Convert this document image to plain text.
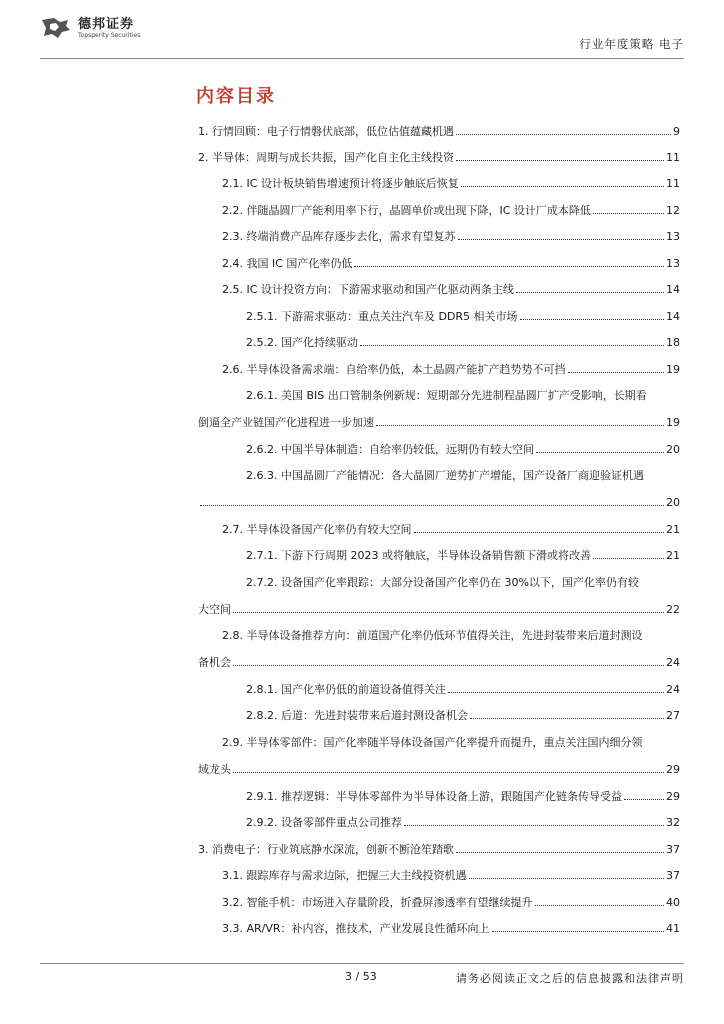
德邦证券
Topsperity Securities
行业年度策略 电子
内容目录
1. 行情回顾：电子行情磐伏底部，低位估值蕴藏机遇	9
2. 半导体：周期与成长共振，国产化自主化主线投资	11
2.1. IC 设计板块销售增速预计将逐步触底后恢复	11
2.2. 伴随晶圆厂产能利用率下行，晶圆单价或出现下降，IC 设计厂成本降低	12
2.3. 终端消费产品库存逐步去化，需求有望复苏	13
2.4. 我国 IC 国产化率仍低	13
2.5. IC 设计投资方向：下游需求驱动和国产化驱动两条主线	14
2.5.1. 下游需求驱动：重点关注汽车及 DDR5 相关市场	14
2.5.2. 国产化持续驱动	18
2.6. 半导体设备需求端：自给率仍低，本土晶圆产能扩产趋势势不可挡	19
2.6.1. 美国 BIS 出口管制条例新规：短期部分先进制程晶圆厂扩产受影响，长期看
倒逼全产业链国产化进程进一步加速	19
2.6.2. 中国半导体制造：自给率仍较低，远期仍有较大空间	20
2.6.3. 中国晶圆厂产能情况：各大晶圆厂逆势扩产增能，国产设备厂商迎验证机遇
20
2.7. 半导体设备国产化率仍有较大空间	21
2.7.1. 下游下行周期 2023 或将触底，半导体设备销售额下滑或将改善	21
2.7.2. 设备国产化率跟踪：大部分设备国产化率仍在 30%以下，国产化率仍有较
大空间	22
2.8. 半导体设备推荐方向：前道国产化率仍低环节值得关注，先进封装带来后道封测设
备机会	24
2.8.1. 国产化率仍低的前道设备值得关注	24
2.8.2. 后道：先进封装带来后道封测设备机会	27
2.9. 半导体零部件：国产化率随半导体设备国产化率提升而提升，重点关注国内细分领
域龙头	29
2.9.1. 推荐逻辑：半导体零部件为半导体设备上游，跟随国产化链条传导受益	29
2.9.2. 设备零部件重点公司推荐	32
3. 消费电子：行业筑底静水深流，创新不断沧笙踏歌	37
3.1. 跟踪库存与需求边际，把握三大主线投资机遇	37
3.2. 智能手机：市场进入存量阶段，折叠屏渗透率有望继续提升	40
3.3. AR/VR：补内容，推技术，产业发展良性循环向上	41
3 / 53	请务必阅读正文之后的信息披露和法律声明
